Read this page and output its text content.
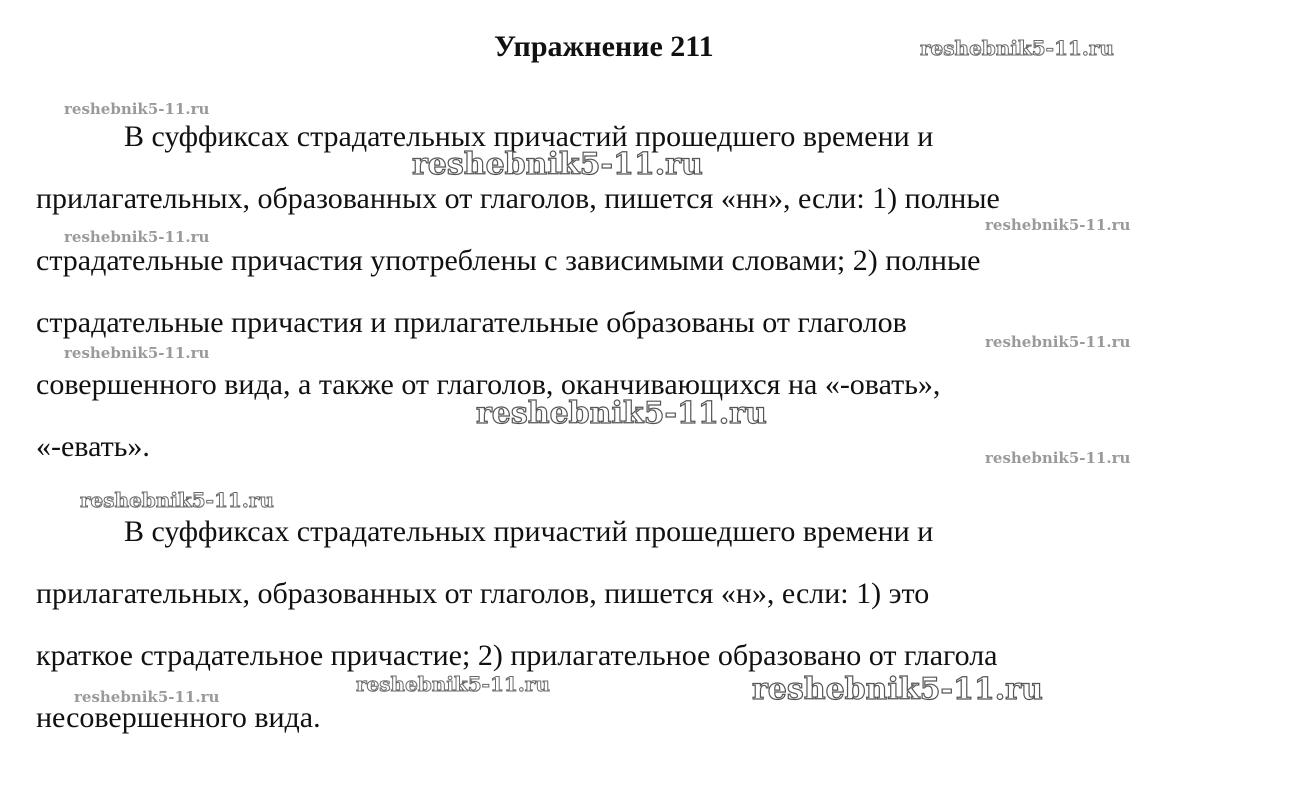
Упражнение 211
В суффиксах страдательных причастий прошедшего времени и
прилагательных, образованных от глаголов, пишется «нн», если: 1) полные
страдательные причастия употреблены с зависимыми словами; 2) полные
страдательные причастия и прилагательные образованы от глаголов
совершенного вида, а также от глаголов, оканчивающихся на «-овать»,
«-евать».
В суффиксах страдательных причастий прошедшего времени и
прилагательных, образованных от глаголов, пишется «н», если: 1) это
краткое страдательное причастие; 2) прилагательное образовано от глагола
несовершенного вида.
reshebnik5-11.ru
reshebnik5-11.ru
reshebnik5-11.ru
reshebnik5-11.ru
reshebnik5-11.ru
reshebnik5-11.ru
reshebnik5-11.ru
reshebnik5-11.ru
reshebnik5-11.ru
reshebnik5-11.ru
reshebnik5-11.ru
reshebnik5-11.ru	reshebnik5-11.ru
